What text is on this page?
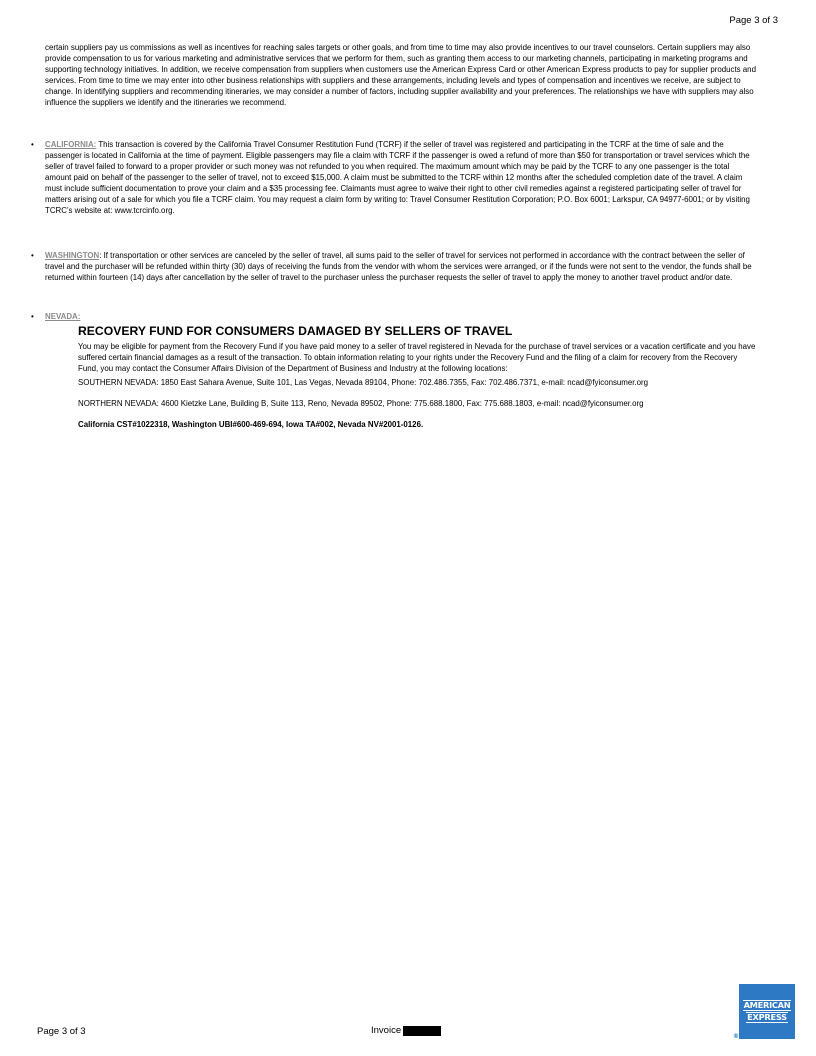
Page 3 of 3
certain suppliers pay us commissions as well as incentives for reaching sales targets or other goals, and from time to time may also provide incentives to our travel counselors. Certain suppliers may also provide compensation to us for various marketing and administrative services that we perform for them, such as granting them access to our marketing channels, participating in marketing programs and supporting technology initiatives. In addition, we receive compensation from suppliers when customers use the American Express Card or other American Express products to pay for supplier products and services. From time to time we may enter into other business relationships with suppliers and these arrangements, including levels and types of compensation and incentives we receive, are subject to change. In identifying suppliers and recommending itineraries, we may consider a number of factors, including supplier availability and your preferences. The relationships we have with suppliers may also influence the suppliers we identify and the itineraries we recommend.
• CALIFORNIA: This transaction is covered by the California Travel Consumer Restitution Fund (TCRF) if the seller of travel was registered and participating in the TCRF at the time of sale and the passenger is located in California at the time of payment. Eligible passengers may file a claim with TCRF if the passenger is owed a refund of more than $50 for transportation or travel services which the seller of travel failed to forward to a proper provider or such money was not refunded to you when required. The maximum amount which may be paid by the TCRF to any one passenger is the total amount paid on behalf of the passenger to the seller of travel, not to exceed $15,000. A claim must be submitted to the TCRF within 12 months after the scheduled completion date of the travel. A claim must include sufficient documentation to prove your claim and a $35 processing fee. Claimants must agree to waive their right to other civil remedies against a registered participating seller of travel for matters arising out of a sale for which you file a TCRF claim. You may request a claim form by writing to: Travel Consumer Restitution Corporation; P.O. Box 6001; Larkspur, CA 94977-6001; or by visiting TCRC’s website at: www.tcrcinfo.org.
• WASHINGTON: If transportation or other services are canceled by the seller of travel, all sums paid to the seller of travel for services not performed in accordance with the contract between the seller of travel and the purchaser will be refunded within thirty (30) days of receiving the funds from the vendor with whom the services were arranged, or if the funds were not sent to the vendor, the funds shall be returned within fourteen (14) days after cancellation by the seller of travel to the purchaser unless the purchaser requests the seller of travel to apply the money to another travel product and/or date.
• NEVADA:
RECOVERY FUND FOR CONSUMERS DAMAGED BY SELLERS OF TRAVEL
You may be eligible for payment from the Recovery Fund if you have paid money to a seller of travel registered in Nevada for the purchase of travel services or a vacation certificate and you have suffered certain financial damages as a result of the transaction. To obtain information relating to your rights under the Recovery Fund and the filing of a claim for recovery from the Recovery Fund, you may contact the Consumer Affairs Division of the Department of Business and Industry at the following locations:
SOUTHERN NEVADA: 1850 East Sahara Avenue, Suite 101, Las Vegas, Nevada 89104, Phone: 702.486.7355, Fax: 702.486.7371, e-mail: ncad@fyiconsumer.org
NORTHERN NEVADA: 4600 Kietzke Lane, Building B, Suite 113, Reno, Nevada 89502, Phone: 775.688.1800, Fax: 775.688.1803, e-mail: ncad@fyiconsumer.org
California CST#1022318, Washington UBI#600-469-694, Iowa TA#002, Nevada NV#2001-0126.
Page 3 of 3	Invoice
AMERICAN
EXPRESS
®
